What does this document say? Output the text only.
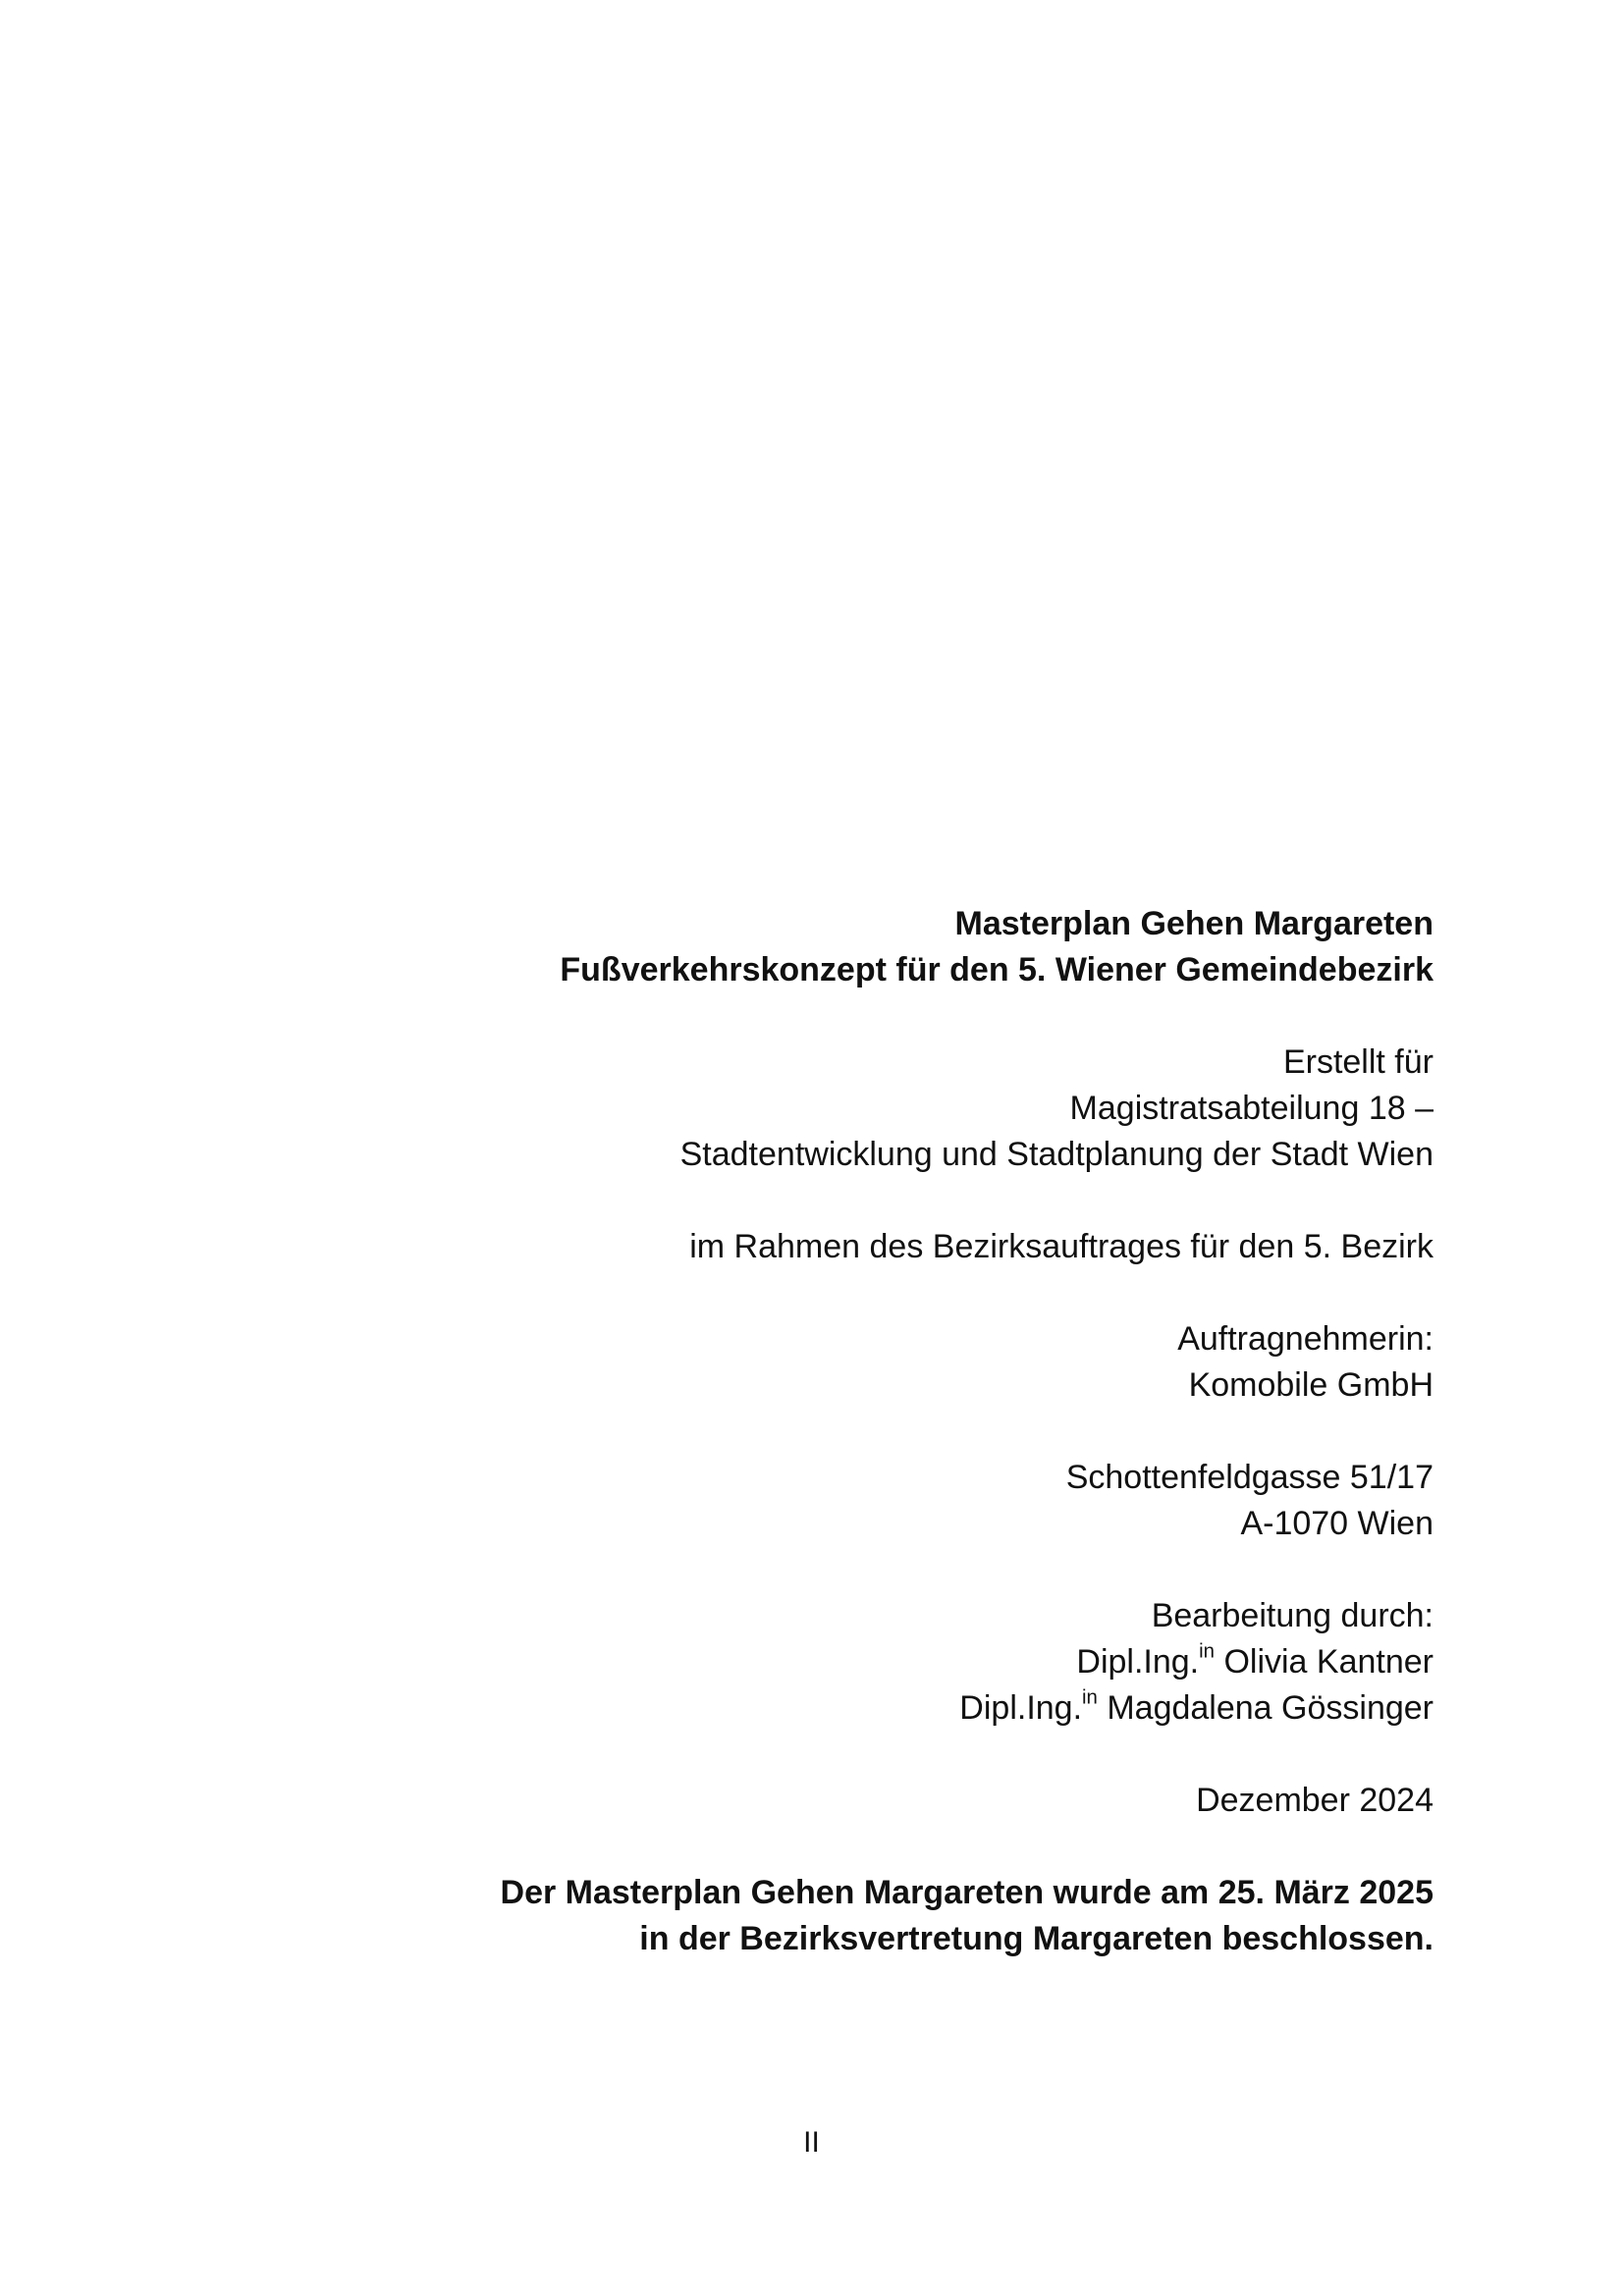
Masterplan Gehen Margareten
Fußverkehrskonzept für den 5. Wiener Gemeindebezirk
Erstellt für
Magistratsabteilung 18 –
Stadtentwicklung und Stadtplanung der Stadt Wien
im Rahmen des Bezirksauftrages für den 5. Bezirk
Auftragnehmerin:
Komobile GmbH
Schottenfeldgasse 51/17
A-1070 Wien
Bearbeitung durch:
Dipl.Ing.$^{in}$ Olivia Kantner
Dipl.Ing.$^{in}$ Magdalena Gössinger
Dezember 2024
Der Masterplan Gehen Margareten wurde am 25. März 2025
in der Bezirksvertretung Margareten beschlossen.
II
